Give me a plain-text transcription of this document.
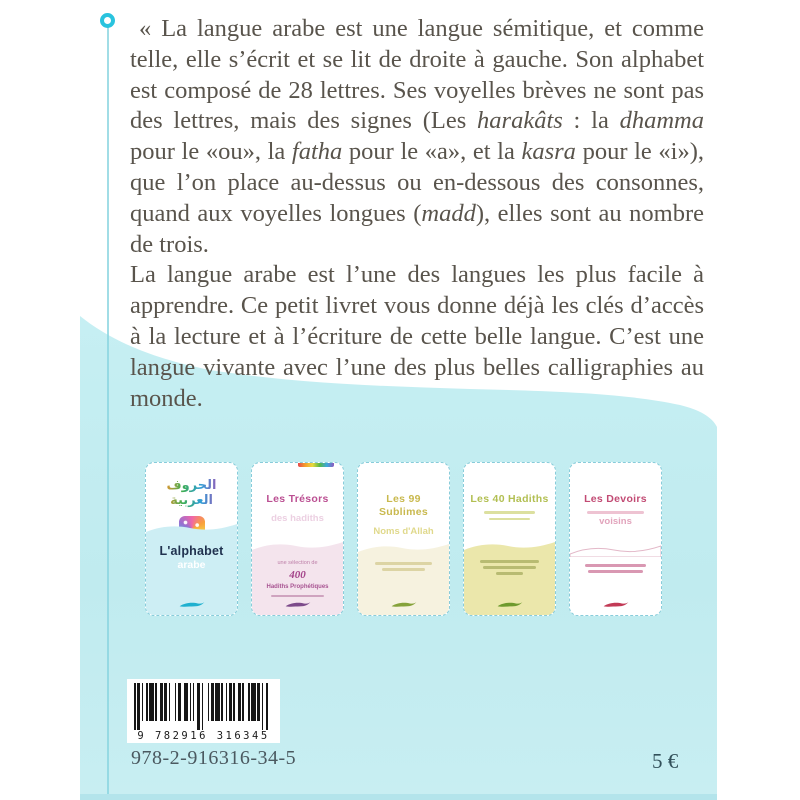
« La langue arabe est une langue sémitique, et comme telle, elle s’écrit et se lit de droite à gauche. Son alphabet est composé de 28 lettres. Ses voyelles brèves ne sont pas des lettres, mais des signes (Les harakâts : la dhamma pour le «ou», la fatha pour le «a», et la kasra pour le «i»), que l’on place au-dessus ou en-dessous des consonnes, quand aux voyelles longues (madd), elles sont au nombre de trois.

La langue arabe est l’une des langues les plus facile à apprendre. Ce petit livret vous donne déjà les clés d’accès à la lecture et à l’écriture de cette belle langue. C’est une langue vivante avec l’une des plus belles calligraphies au monde.

الحروف العربية
L'alphabet
arabe
Les Trésors
des hadiths
une sélection de
400
Hadiths Prophétiques
Les 99 Sublimes
Noms d'Allah
Les 40 Hadiths	Les Devoirs
voisins
9 782916 316345
978-2-916316-34-5	5 €
